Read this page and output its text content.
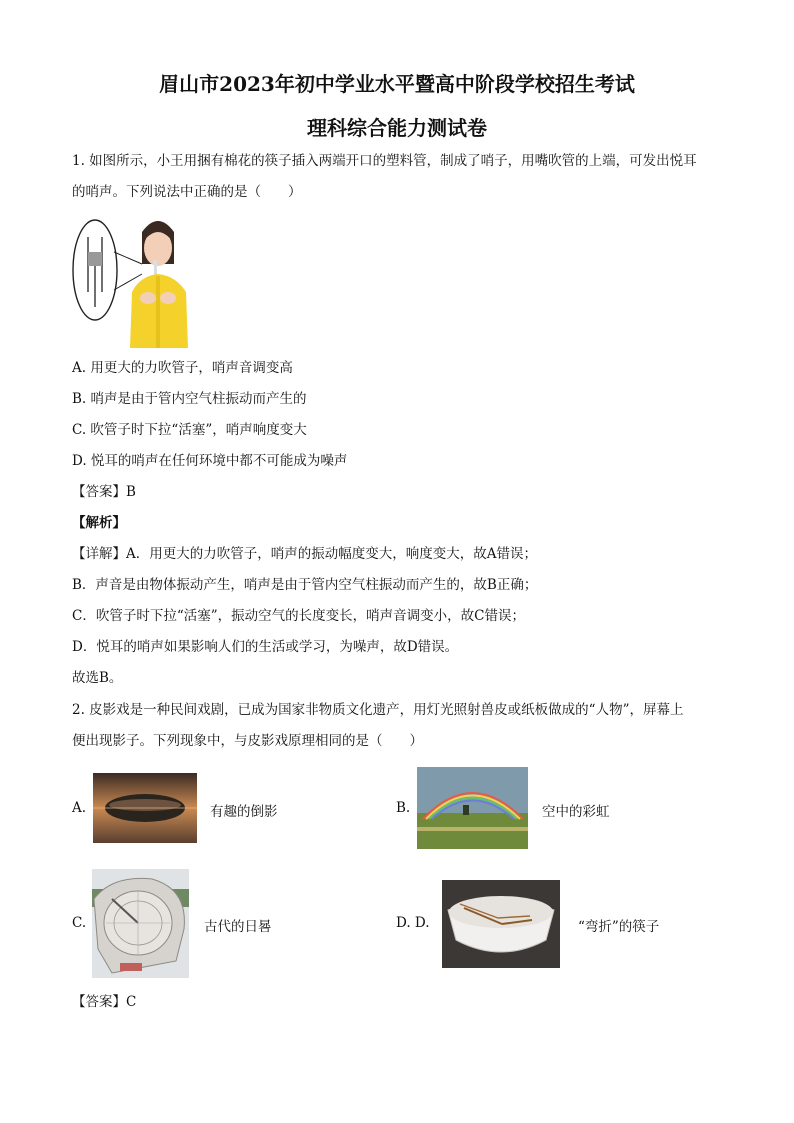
眉山市2023年初中学业水平暨高中阶段学校招生考试
理科综合能力测试卷
1. 如图所示，小王用捆有棉花的筷子插入两端开口的塑料管，制成了哨子，用嘴吹管的上端，可发出悦耳
的哨声。下列说法中正确的是（　　）
A. 用更大的力吹管子，哨声音调变高
B. 哨声是由于管内空气柱振动而产生的
C. 吹管子时下拉“活塞”，哨声响度变大
D. 悦耳的哨声在任何环境中都不可能成为噪声
【答案】B
【解析】
【详解】A．用更大的力吹管子，哨声的振动幅度变大，响度变大，故A错误；
B．声音是由物体振动产生，哨声是由于管内空气柱振动而产生的，故B正确；
C．吹管子时下拉“活塞”，振动空气的长度变长，哨声音调变小，故C错误；
D．悦耳的哨声如果影响人们的生活或学习，为噪声，故D错误。
故选B。
2. 皮影戏是一种民间戏剧，已成为国家非物质文化遗产，用灯光照射兽皮或纸板做成的“人物”，屏幕上
便出现影子。下列现象中，与皮影戏原理相同的是（　　）
A.	有趣的倒影	B.	空中的彩虹
C.	古代的日晷	D. D.	“弯折”的筷子
【答案】C
